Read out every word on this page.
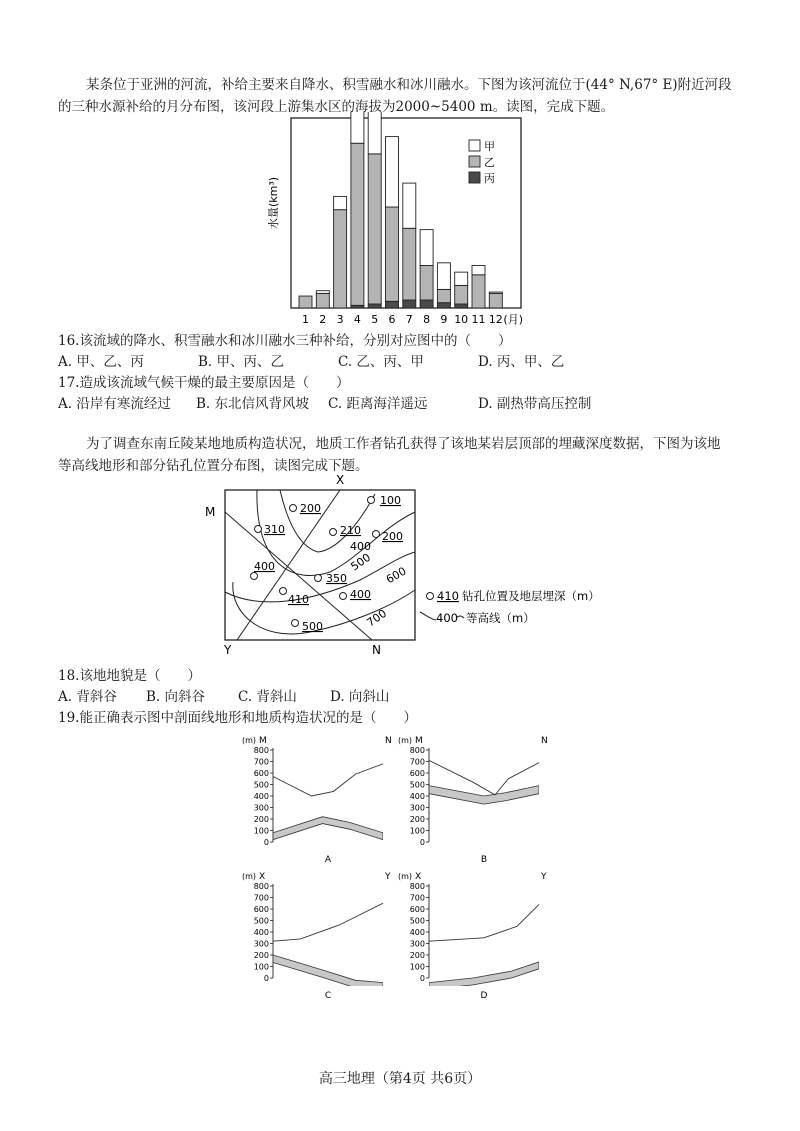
某条位于亚洲的河流，补给主要来自降水、积雪融水和冰川融水。下图为该河流位于(44° N,67° E)附近河段
的三种水源补给的月分布图，该河段上游集水区的海拔为2000~5400 m。读图，完成下题。
水量(km³)
1 2 3 4 5 6 7 8 9 10 11 12 (月)
甲
乙
丙
16.该流域的降水、积雪融水和冰川融水三种补给，分别对应图中的（　　）
A. 甲、乙、丙	B. 甲、丙、乙	C. 乙、丙、甲	D. 丙、甲、乙
17.造成该流域气候干燥的最主要原因是（　　）
A. 沿岸有寒流经过	B. 东北信风背风坡	C. 距离海洋遥远	D. 副热带高压控制
为了调查东南丘陵某地地质构造状况，地质工作者钻孔获得了该地某岩层顶部的埋藏深度数据，下图为该地
等高线地形和部分钻孔位置分布图，读图完成下题。
M
X
Y	N
400
500
600
700
100
200
310	210 200
400
350
410	400
500
410 钻孔位置及地层埋深（m）
400 等高线（m）
18.该地地貌是（　　）
A. 背斜谷	B. 向斜谷	C. 背斜山	D. 向斜山
19.能正确表示图中剖面线地形和地质构造状况的是（　　）
(m) M	N
800
700
600
500
400
300
200
100
0
A
(m) M	N
800
700
600
500
400
300
200
100
0
B
(m) X	Y
800
700
600
500
400
300
200
100
0
C
(m) X	Y
800
700
600
500
400
300
200
100
0
D
高三地理（第4页 共6页）
